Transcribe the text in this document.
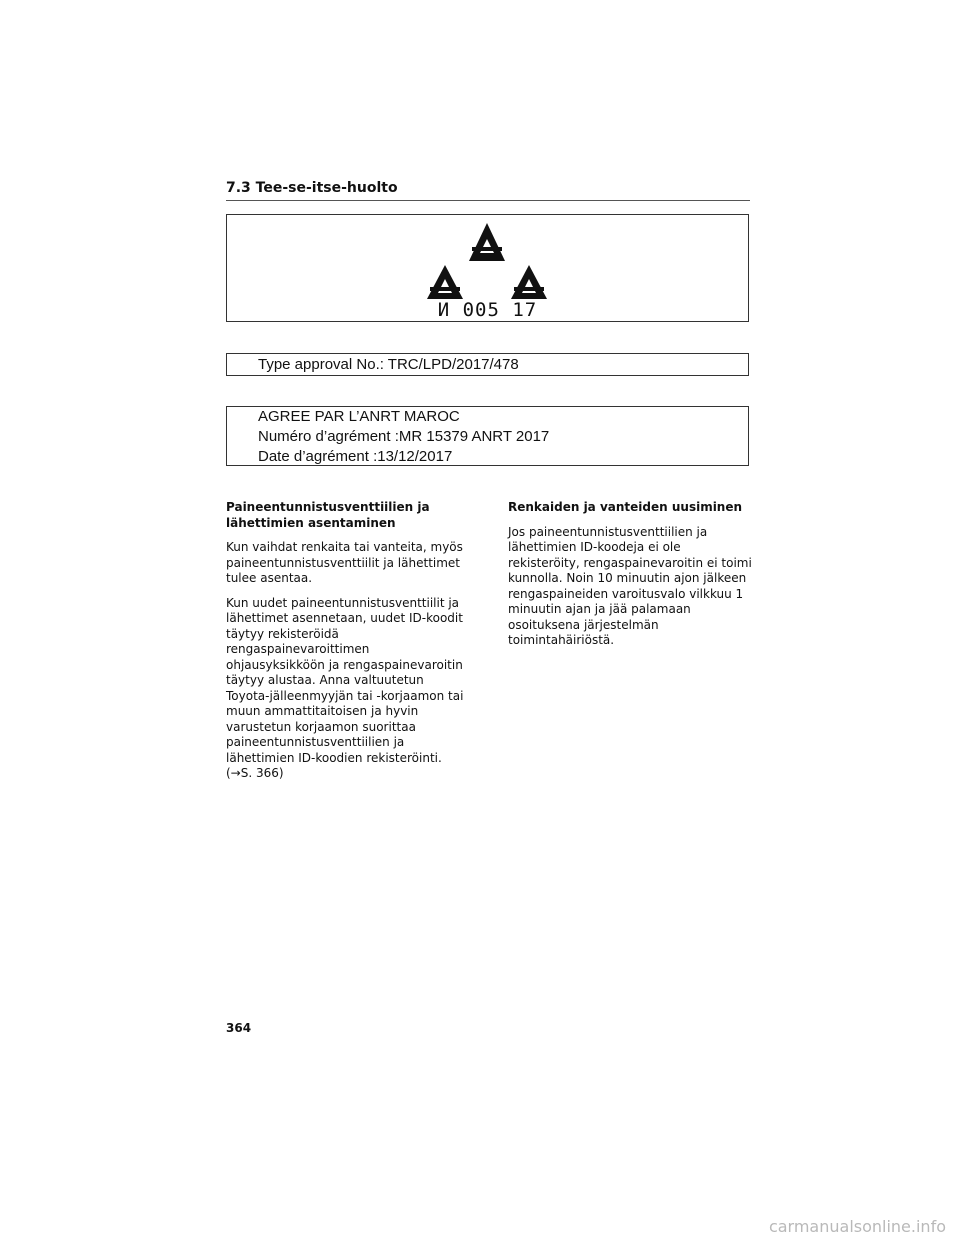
7.3 Tee-se-itse-huolto
И 005 17
Type approval No.: TRC/LPD/2017/478
AGREE PAR L’ANRT MAROC
Numéro d’agrément :MR 15379 ANRT 2017
Date d’agrément :13/12/2017
Paineentunnistusventtiilien ja lähettimien asentaminen

Kun vaihdat renkaita tai vanteita, myös paineentunnistusventtiilit ja lähettimet tulee asentaa.

Kun uudet paineentunnistusventtiilit ja lähettimet asennetaan, uudet ID-koodit täytyy rekisteröidä rengaspainevaroittimen ohjausyksikköön ja rengaspainevaroitin täytyy alustaa. Anna valtuutetun Toyota-jälleenmyyjän tai -korjaamon tai muun ammattitaitoisen ja hyvin varustetun korjaamon suorittaa paineentunnistusventtiilien ja lähettimien ID-koodien rekisteröinti. (→S. 366)

Renkaiden ja vanteiden uusiminen

Jos paineentunnistusventtiilien ja lähettimien ID-koodeja ei ole rekisteröity, rengaspainevaroitin ei toimi kunnolla. Noin 10 minuutin ajon jälkeen rengaspaineiden varoitusvalo vilkkuu 1 minuutin ajan ja jää palamaan osoituksena järjestelmän toimintahäiriöstä.

364
carmanualsonline.info
